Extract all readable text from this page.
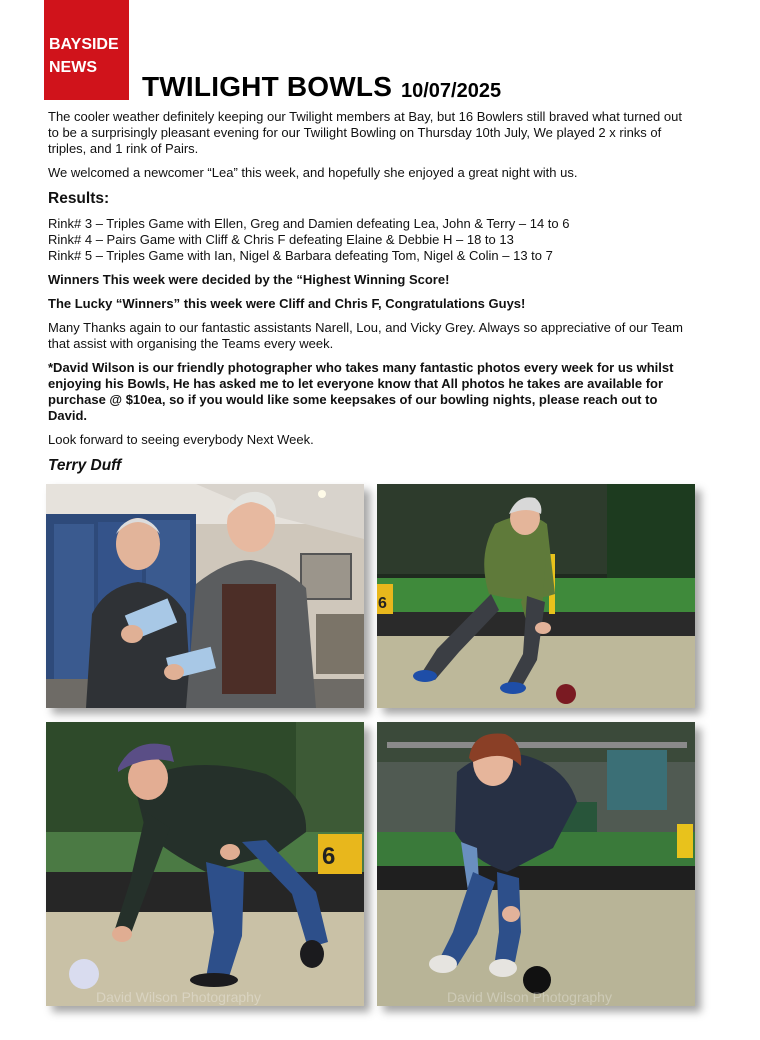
BAYSIDE
NEWS
TWILIGHT BOWLS 10/07/2025

The cooler weather definitely keeping our Twilight members at Bay, but 16 Bowlers still braved what turned out to be a surprisingly pleasant evening for our Twilight Bowling on Thursday 10th July, We played 2 x rinks of triples, and 1 rink of Pairs.

We welcomed a newcomer “Lea” this week, and hopefully she enjoyed a great night with us.

Results:

Rink# 3 – Triples Game with Ellen, Greg and Damien defeating Lea, John & Terry – 14 to 6

Rink# 4 – Pairs Game with Cliff & Chris F defeating Elaine & Debbie H – 18 to 13

Rink# 5 – Triples Game with Ian, Nigel & Barbara defeating Tom, Nigel & Colin – 13 to 7

Winners This week were decided by the “Highest Winning Score!

The Lucky “Winners” this week were Cliff and Chris F, Congratulations Guys!

Many Thanks again to our fantastic assistants Narell, Lou, and Vicky Grey. Always so appreciative of our Team that assist with organising the Teams every week.

*David Wilson is our friendly photographer who takes many fantastic photos every week for us whilst enjoying his Bowls, He has asked me to let everyone know that All photos he takes are available for purchase @ $10ea, so if you would like some keepsakes of our bowling nights, please reach out to David.

Look forward to seeing everybody Next Week.

Terry Duff
6
6
David Wilson Photography	David Wilson Photography
